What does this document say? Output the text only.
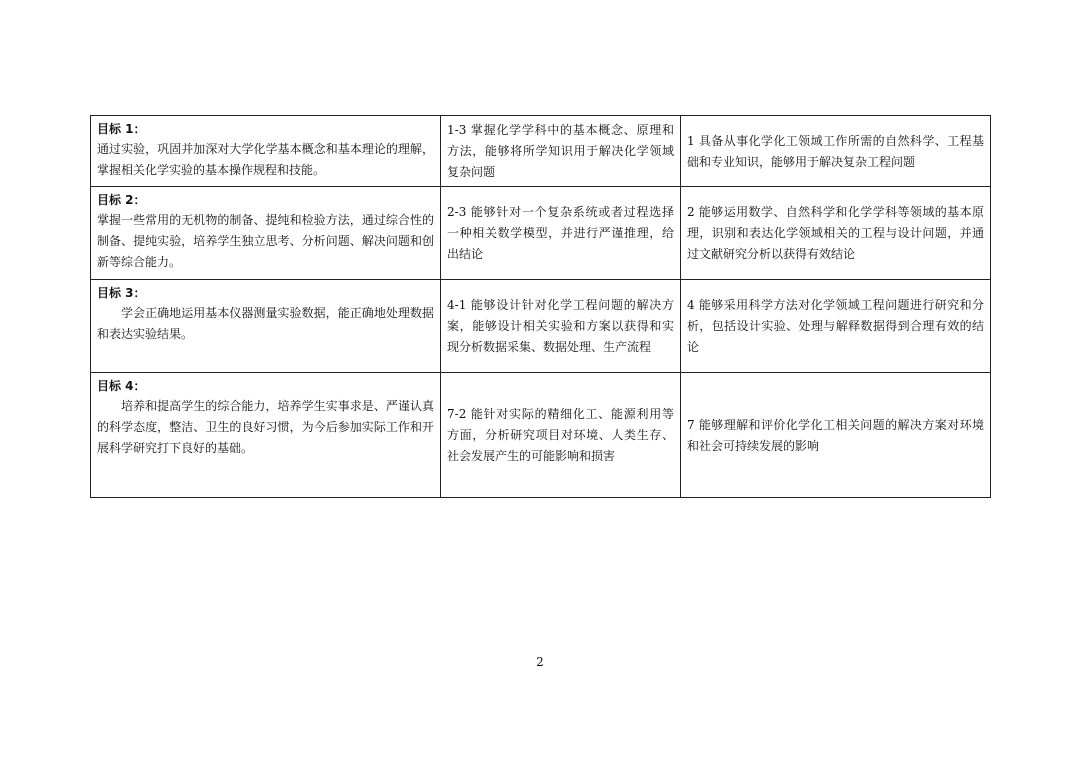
目标 1：
通过实验，巩固并加深对大学化学基本概念和基本理论的理解，掌握相关化学实验的基本操作规程和技能。	1-3 掌握化学学科中的基本概念、原理和方法，能够将所学知识用于解决化学领域复杂问题	1 具备从事化学化工领域工作所需的自然科学、工程基础和专业知识，能够用于解决复杂工程问题

目标 2：
掌握一些常用的无机物的制备、提纯和检验方法，通过综合性的制备、提纯实验，培养学生独立思考、分析问题、解决问题和创新等综合能力。	2-3 能够针对一个复杂系统或者过程选择一种相关数学模型，并进行严谨推理，给出结论	2 能够运用数学、自然科学和化学学科等领域的基本原理，识别和表达化学领域相关的工程与设计问题，并通过文献研究分析以获得有效结论

目标 3：
学会正确地运用基本仪器测量实验数据，能正确地处理数据和表达实验结果。	4-1 能够设计针对化学工程问题的解决方案，能够设计相关实验和方案以获得和实现分析数据采集、数据处理、生产流程	4 能够采用科学方法对化学领域工程问题进行研究和分析，包括设计实验、处理与解释数据得到合理有效的结论

目标 4：
培养和提高学生的综合能力，培养学生实事求是、严谨认真的科学态度，整洁、卫生的良好习惯，为今后参加实际工作和开展科学研究打下良好的基础。	7-2 能针对实际的精细化工、能源利用等方面，分析研究项目对环境、人类生存、社会发展产生的可能影响和损害	7 能够理解和评价化学化工相关问题的解决方案对环境和社会可持续发展的影响
2
